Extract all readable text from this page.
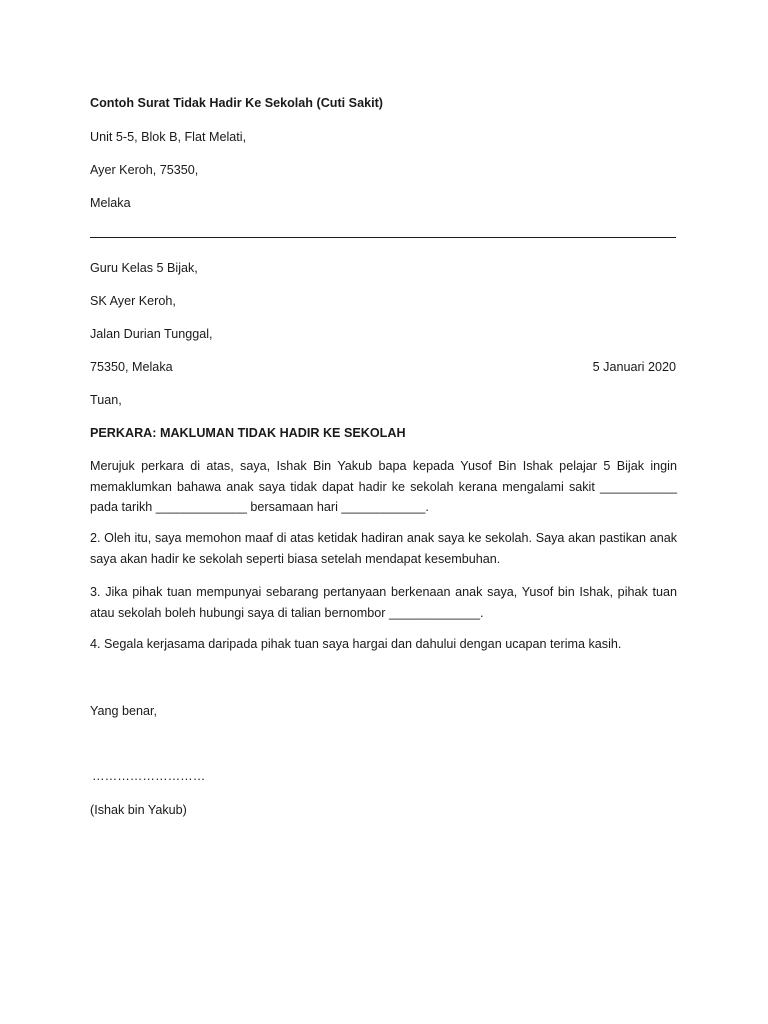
Contoh Surat Tidak Hadir Ke Sekolah (Cuti Sakit)
Unit 5-5, Blok B, Flat Melati,
Ayer Keroh, 75350,
Melaka
Guru Kelas 5 Bijak,
SK Ayer Keroh,
Jalan Durian Tunggal,
75350, Melaka	5 Januari 2020
Tuan,
PERKARA: MAKLUMAN TIDAK HADIR KE SEKOLAH
Merujuk perkara di atas, saya, Ishak Bin Yakub bapa kepada Yusof Bin Ishak pelajar 5 Bijak ingin memaklumkan bahawa anak saya tidak dapat hadir ke sekolah kerana mengalami sakit ___________ pada tarikh _____________ bersamaan hari ____________.
2. Oleh itu, saya memohon maaf di atas ketidak hadiran anak saya ke sekolah. Saya akan pastikan anak saya akan hadir ke sekolah seperti biasa setelah mendapat kesembuhan.
3. Jika pihak tuan mempunyai sebarang pertanyaan berkenaan anak saya, Yusof bin Ishak, pihak tuan atau sekolah boleh hubungi saya di talian bernombor _____________.
4. Segala kerjasama daripada pihak tuan saya hargai dan dahului dengan ucapan terima kasih.
Yang benar,
………………………
(Ishak bin Yakub)
